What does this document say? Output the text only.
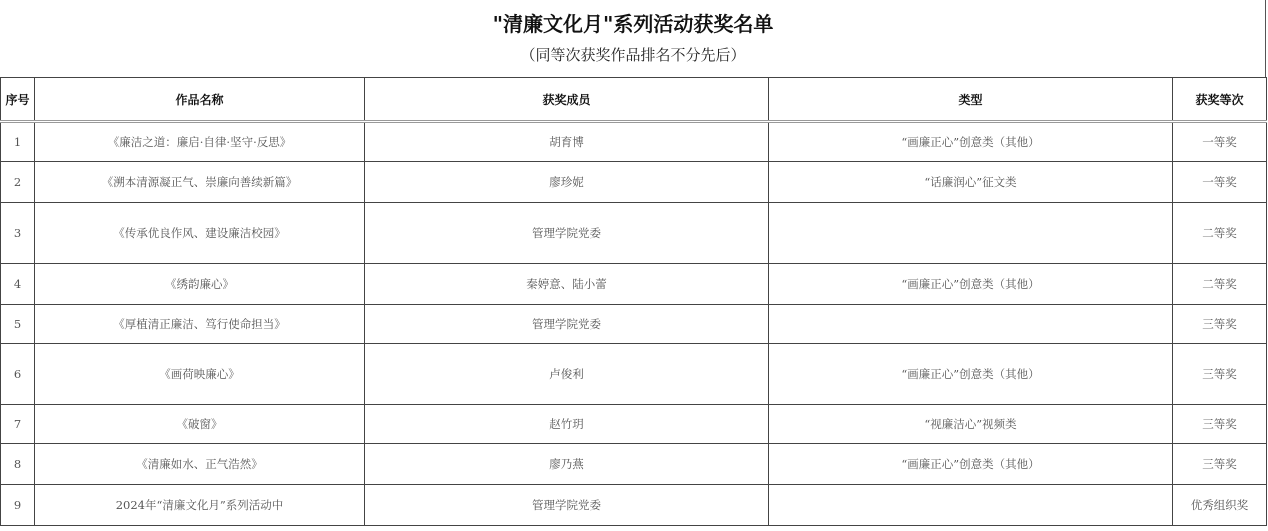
"清廉文化月"系列活动获奖名单
（同等次获奖作品排名不分先后）
序号	作品名称	获奖成员	类型	获奖等次
1	《廉洁之道：廉启·自律·坚守·反思》	胡育博	“画廉正心”创意类（其他）	一等奖
2	《溯本清源凝正气、崇廉向善续新篇》	廖珍妮	“话廉润心”征文类	一等奖
3	《传承优良作风、建设廉洁校园》	管理学院党委		二等奖
4	《绣韵廉心》	秦婷意、陆小蕾	“画廉正心”创意类（其他）	二等奖
5	《厚植清正廉洁、笃行使命担当》	管理学院党委		三等奖
6	《画荷映廉心》	卢俊利	“画廉正心”创意类（其他）	三等奖
7	《破窗》	赵竹玥	“视廉洁心”视频类	三等奖
8	《清廉如水、正气浩然》	廖乃燕	“画廉正心”创意类（其他）	三等奖
9	2024年“清廉文化月”系列活动中	管理学院党委		优秀组织奖
